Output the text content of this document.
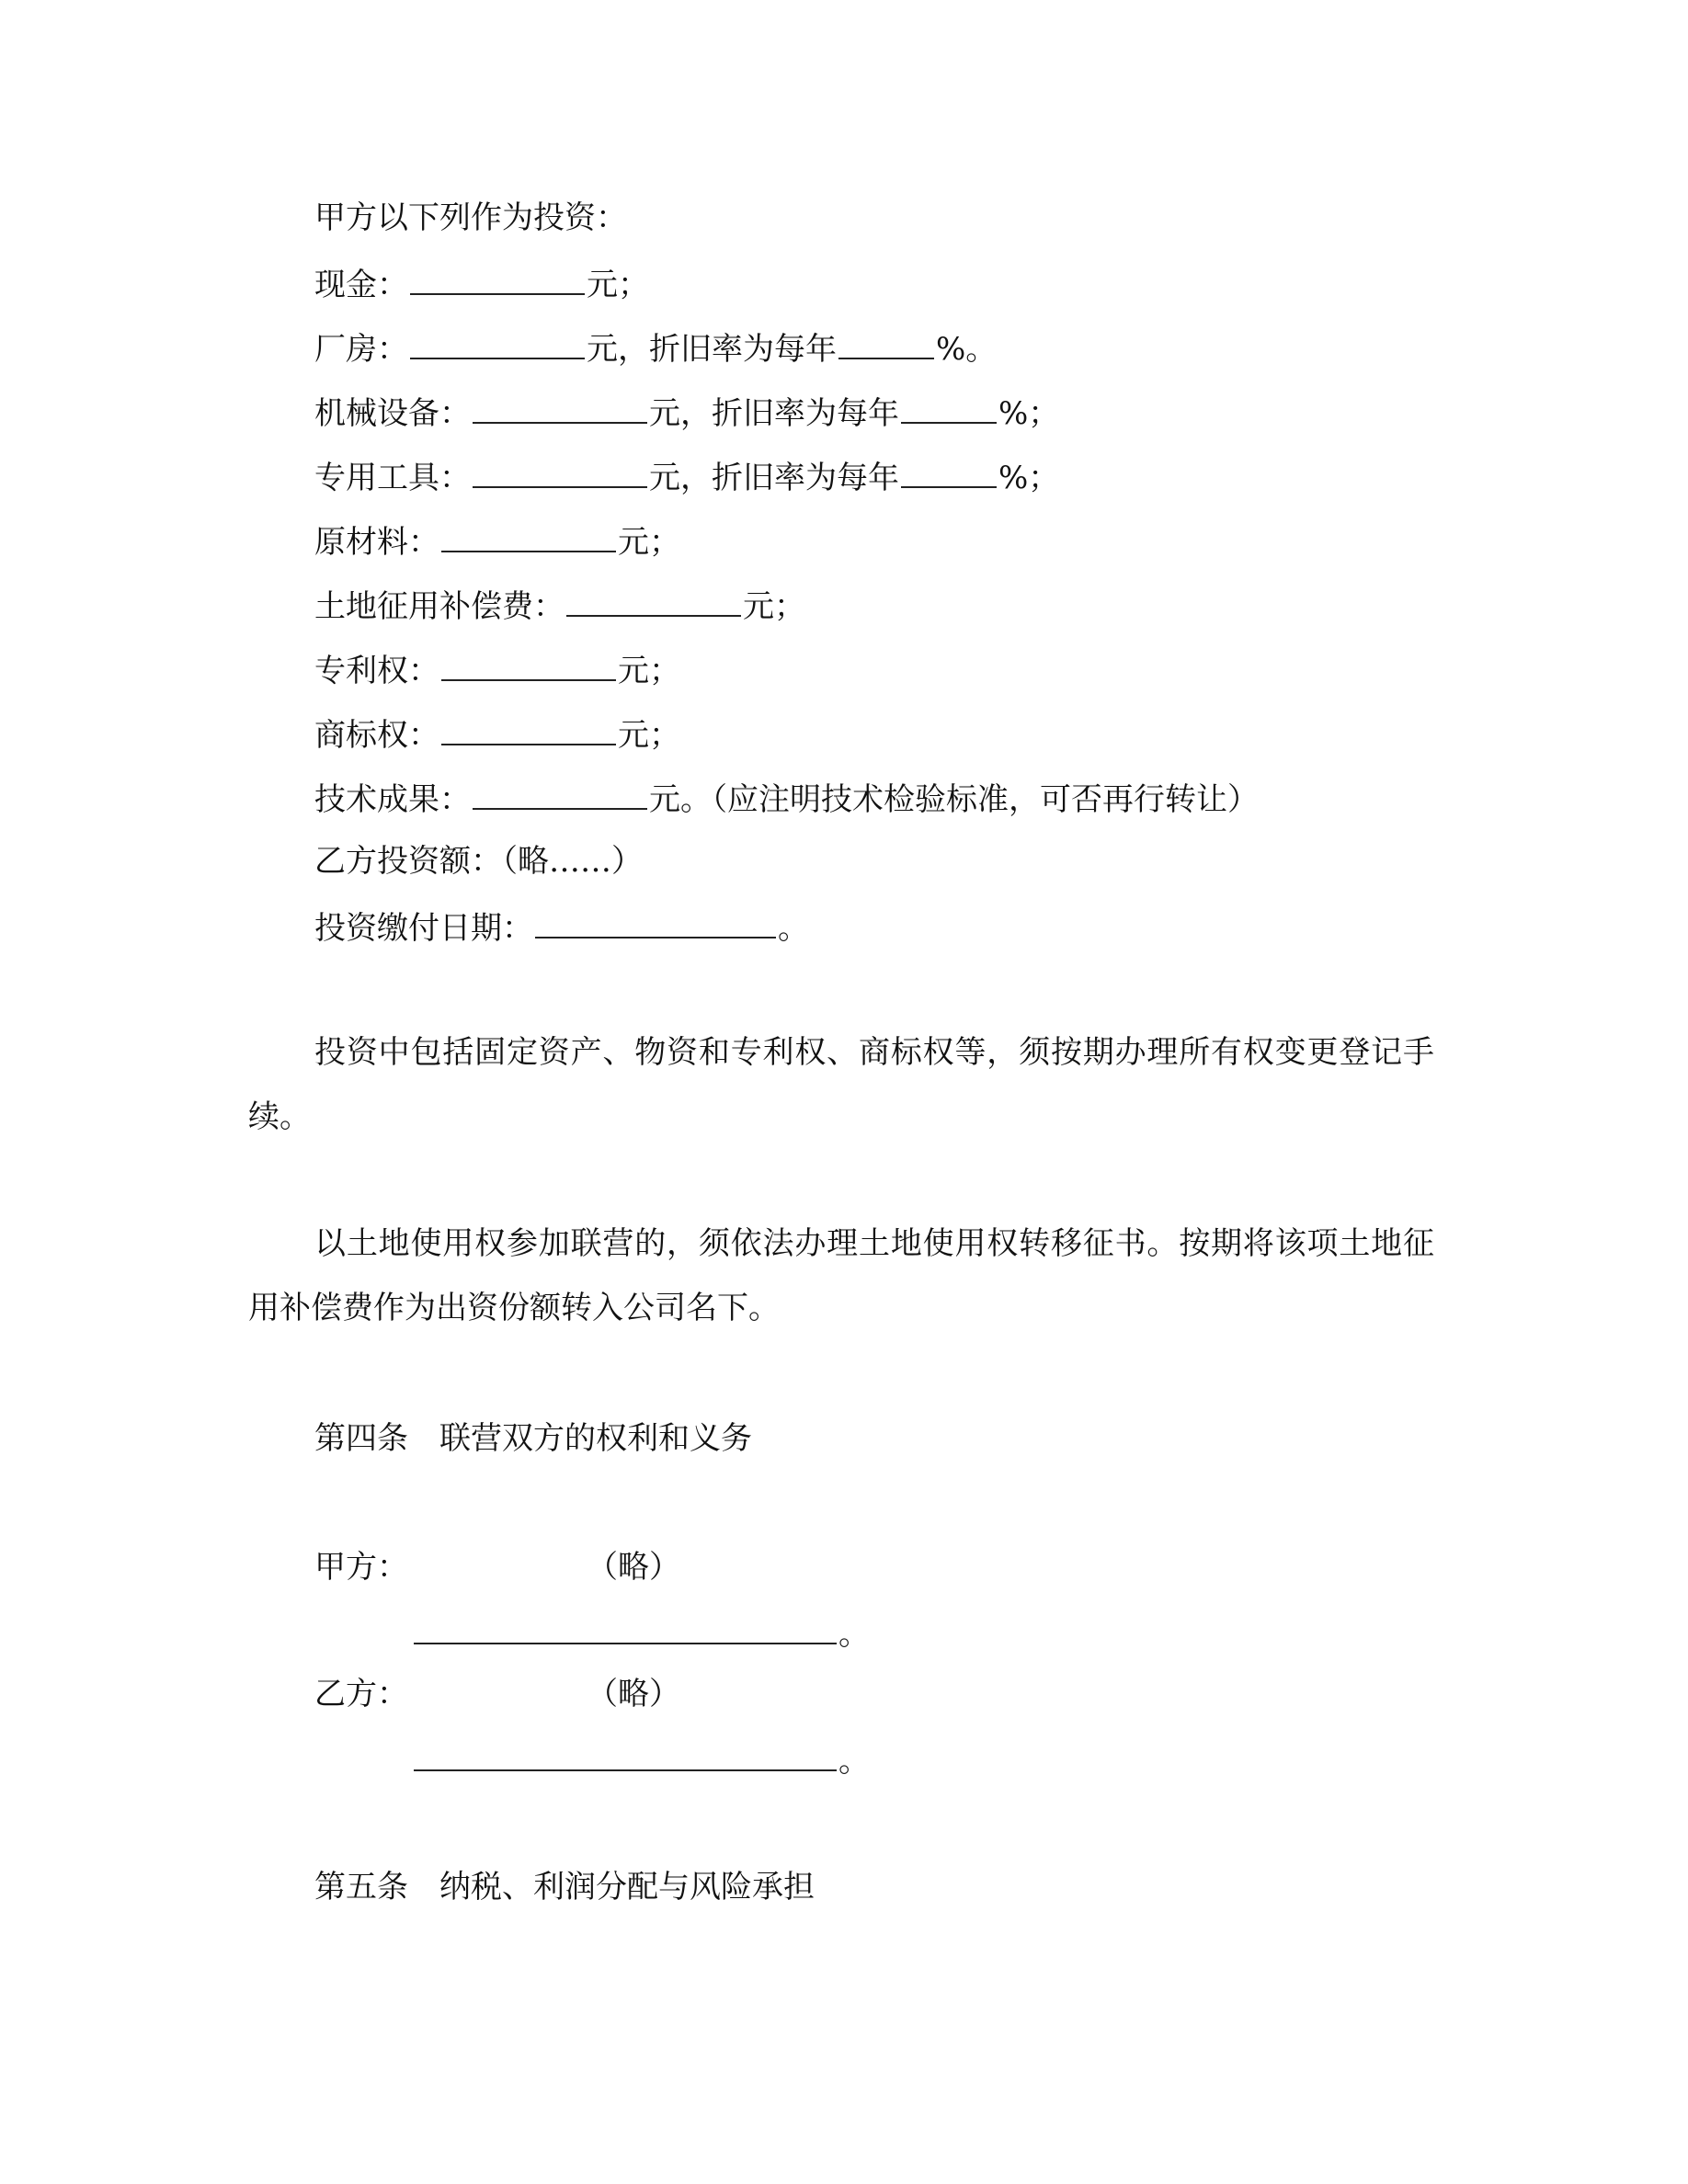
甲方以下列作为投资：
现金：	元；
厂房：	元，折旧率为每年	%。
机械设备：	元，折旧率为每年	%；
专用工具：	元，折旧率为每年	%；
原材料：	元；
土地征用补偿费：	元；
专利权：	元；
商标权：	元；
技术成果：	元。（应注明技术检验标准，可否再行转让）
乙方投资额：（略……）
投资缴付日期：	。
投资中包括固定资产、物资和专利权、商标权等，须按期办理所有权变更登记手续。
以土地使用权参加联营的，须依法办理土地使用权转移征书。按期将该项土地征用补偿费作为出资份额转入公司名下。
第四条 联营双方的权利和义务
甲方：	（略）
。
乙方：	（略）
。
第五条 纳税、利润分配与风险承担
